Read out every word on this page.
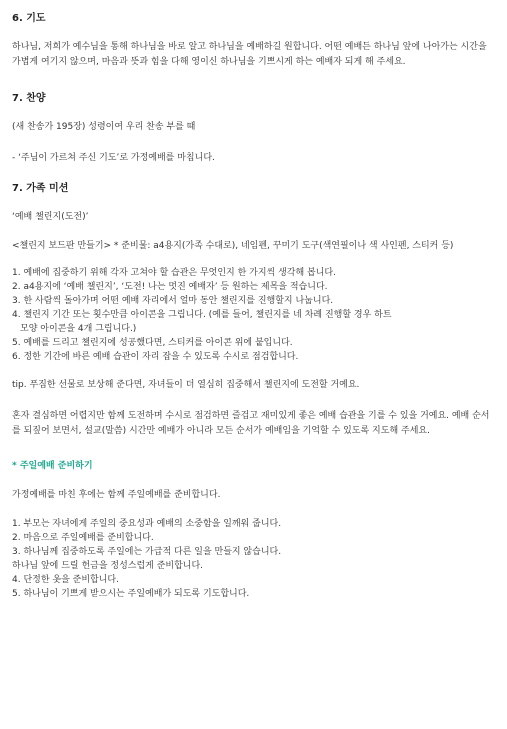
6. 기도

하나님, 저희가 예수님을 통해 하나님을 바로 알고 하나님을 예배하길 원합니다. 어떤 예배든 하나님 앞에 나아가는 시간을 가볍게 여기지 않으며, 마음과 뜻과 힘을 다해 영이신 하나님을 기쁘시게 하는 예배자 되게 해 주세요.

7. 찬양

(새 찬송가 195장) 성령이여 우리 찬송 부를 때

- ‘주님이 가르쳐 주신 기도’로 가정예배를 마칩니다.

7. 가족 미션

‘예배 챌린지(도전)’

<챌린지 보드판 만들기> * 준비물: a4용지(가족 수대로), 네임펜, 꾸미기 도구(색연필이나 색 사인펜, 스티커 등)

1. 예배에 집중하기 위해 각자 고쳐야 할 습관은 무엇인지 한 가지씩 생각해 봅니다.
2. a4용지에 ‘예배 챌린지’, ‘도전! 나는 멋진 예배자’ 등 원하는 제목을 적습니다.
3. 한 사람씩 돌아가며 어떤 예배 자리에서 얼마 동안 챌린지를 진행할지 나눕니다.
4. 챌린지 기간 또는 횟수만큼 아이콘을 그립니다. (예를 들어, 챌린지를 네 차례 진행할 경우 하트
모양 아이콘을 4개 그립니다.)
5. 예배를 드리고 챌린지에 성공했다면, 스티커를 아이콘 위에 붙입니다.
6. 정한 기간에 바른 예배 습관이 자리 잡을 수 있도록 수시로 점검합니다.

tip. 푸짐한 선물로 보상해 준다면, 자녀들이 더 열심히 집중해서 챌린지에 도전할 거예요.

혼자 결심하면 어렵지만 함께 도전하며 수시로 점검하면 즐겁고 재미있게 좋은 예배 습관을 기를 수 있을 거예요. 예배 순서를 되짚어 보면서, 설교(말씀) 시간만 예배가 아니라 모든 순서가 예배임을 기억할 수 있도록 지도해 주세요.

* 주일예배 준비하기

가정예배를 마친 후에는 함께 주일예배를 준비합니다.

1. 부모는 자녀에게 주일의 중요성과 예배의 소중함을 일깨워 줍니다.
2. 마음으로 주일예배를 준비합니다.
3. 하나님께 집중하도록 주일에는 가급적 다른 일을 만들지 않습니다.
하나님 앞에 드릴 헌금을 정성스럽게 준비합니다.
4. 단정한 옷을 준비합니다.
5. 하나님이 기쁘게 받으시는 주일예배가 되도록 기도합니다.
